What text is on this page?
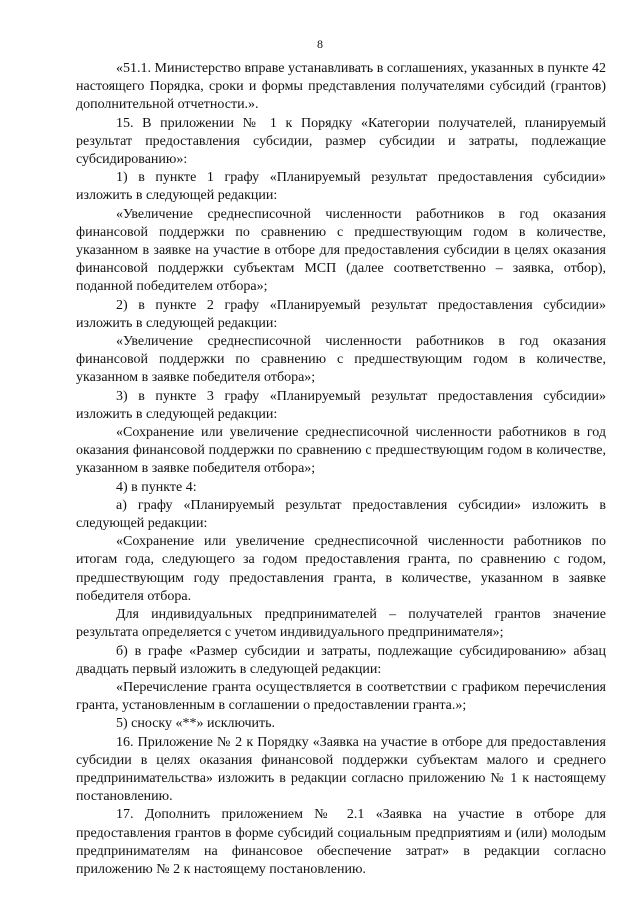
8

«51.1. Министерство вправе устанавливать в соглашениях, указанных в пункте 42 настоящего Порядка, сроки и формы представления получателями субсидий (грантов) дополнительной отчетности.».

15. В приложении № 1 к Порядку «Категории получателей, планируемый результат предоставления субсидии, размер субсидии и затраты, подлежащие субсидированию»:

1) в пункте 1 графу «Планируемый результат предоставления субсидии» изложить в следующей редакции:

«Увеличение среднесписочной численности работников в год оказания финансовой поддержки по сравнению с предшествующим годом в количестве, указанном в заявке на участие в отборе для предоставления субсидии в целях оказания финансовой поддержки субъектам МСП (далее соответственно – заявка, отбор), поданной победителем отбора»;

2) в пункте 2 графу «Планируемый результат предоставления субсидии» изложить в следующей редакции:

«Увеличение среднесписочной численности работников в год оказания финансовой поддержки по сравнению с предшествующим годом в количестве, указанном в заявке победителя отбора»;

3) в пункте 3 графу «Планируемый результат предоставления субсидии» изложить в следующей редакции:

«Сохранение или увеличение среднесписочной численности работников в год оказания финансовой поддержки по сравнению с предшествующим годом в количестве, указанном в заявке победителя отбора»;

4) в пункте 4:

а) графу «Планируемый результат предоставления субсидии» изложить в следующей редакции:

«Сохранение или увеличение среднесписочной численности работников по итогам года, следующего за годом предоставления гранта, по сравнению с годом, предшествующим году предоставления гранта, в количестве, указанном в заявке победителя отбора.

Для индивидуальных предпринимателей – получателей грантов значение результата определяется с учетом индивидуального предпринимателя»;

б) в графе «Размер субсидии и затраты, подлежащие субсидированию» абзац двадцать первый изложить в следующей редакции:

«Перечисление гранта осуществляется в соответствии с графиком перечисления гранта, установленным в соглашении о предоставлении гранта.»;

5) сноску «**» исключить.

16. Приложение № 2 к Порядку «Заявка на участие в отборе для предоставления субсидии в целях оказания финансовой поддержки субъектам малого и среднего предпринимательства» изложить в редакции согласно приложению № 1 к настоящему постановлению.

17. Дополнить приложением № 2.1 «Заявка на участие в отборе для предоставления грантов в форме субсидий социальным предприятиям и (или) молодым предпринимателям на финансовое обеспечение затрат» в редакции согласно приложению № 2 к настоящему постановлению.
